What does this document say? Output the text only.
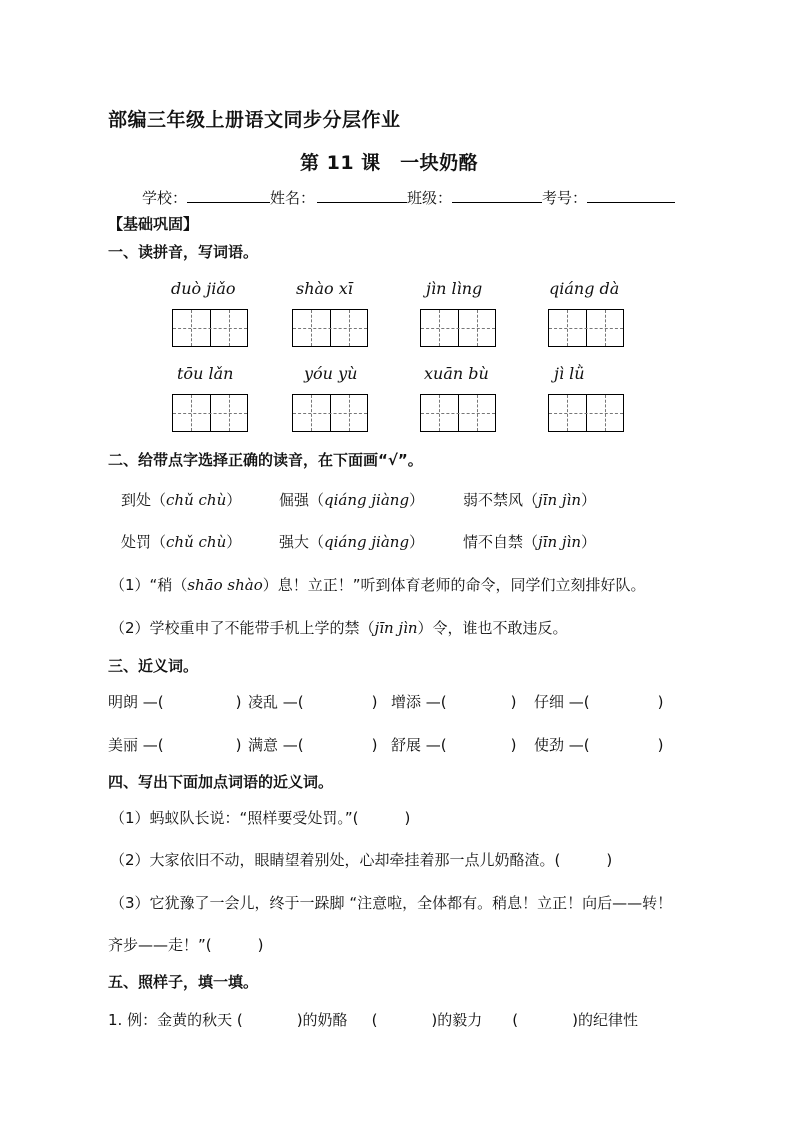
部编三年级上册语文同步分层作业
第 11 课　一块奶酪
学校：	姓名：	班级：	考号：
【基础巩固】
一、读拼音，写词语。
duò jiǎo	shào xī	jìn lìng	qiáng dà
tōu lǎn	yóu yù	xuān bù	jì lǜ
二、给带点字选择正确的读音，在下面画“√”。
到处（chǔ chù）	倔强（qiáng jiàng）	弱不禁风（jīn jìn）
处罚（chǔ chù）	强大（qiáng jiàng）	情不自禁（jīn jìn）
（1）“稍（shāo shào）息！立正！”听到体育老师的命令，同学们立刻排好队。
（2）学校重申了不能带手机上学的禁（jīn jìn）令，谁也不敢违反。
三、近义词。
明朗 —(	) 凌乱 —(	) 增添 —(	) 仔细 —(	)
美丽 —(	) 满意 —(	) 舒展 —(	) 使劲 —(	)
四、写出下面加点词语的近义词。
（1）蚂蚁队长说：“照样要受处罚。”(	)
（2）大家依旧不动，眼睛望着别处，心却牵挂着那一点儿奶酪渣。(	)
（3）它犹豫了一会儿，终于一跺脚 “注意啦，全体都有。稍息！立正！向后——转！
齐步——走！”(	)
五、照样子，填一填。
1. 例：金黄的秋天 (	)的奶酪 (	)的毅力 (	)的纪律性
